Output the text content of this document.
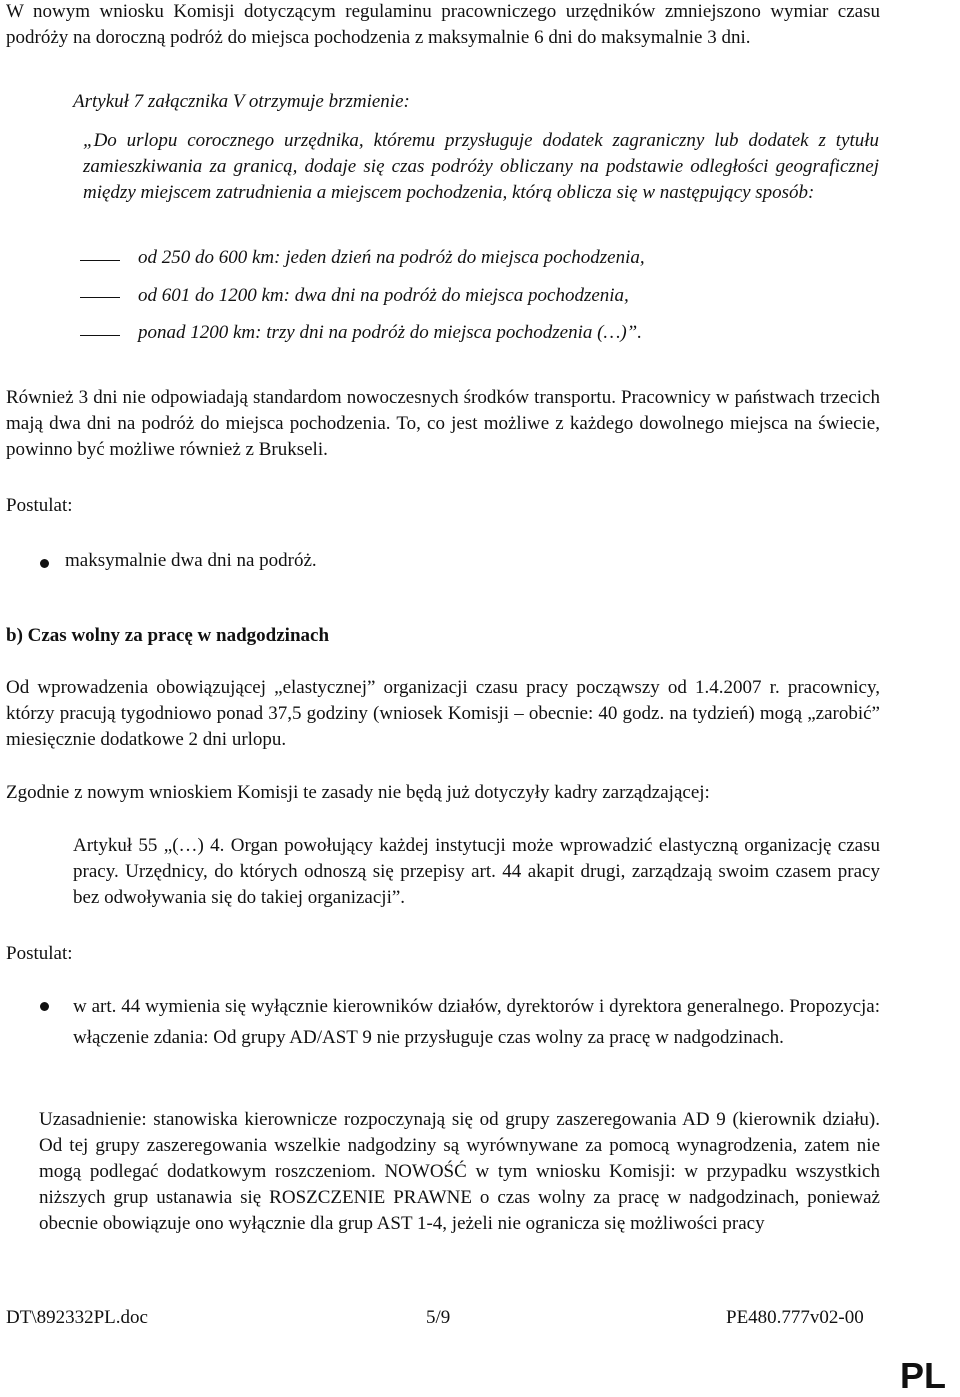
W nowym wniosku Komisji dotyczącym regulaminu pracowniczego urzędników zmniejszono wymiar czasu podróży na doroczną podróż do miejsca pochodzenia z maksymalnie 6 dni do maksymalnie 3 dni.

Artykuł 7 załącznika V otrzymuje brzmienie:

„Do urlopu corocznego urzędnika, któremu przysługuje dodatek zagraniczny lub dodatek z tytułu zamieszkiwania za granicą, dodaje się czas podróży obliczany na podstawie odległości geograficznej między miejscem zatrudnienia a miejscem pochodzenia, którą oblicza się w następujący sposób:

od 250 do 600 km: jeden dzień na podróż do miejsca pochodzenia,
od 601 do 1200 km: dwa dni na podróż do miejsca pochodzenia,
ponad 1200 km: trzy dni na podróż do miejsca pochodzenia (…)”.

Również 3 dni nie odpowiadają standardom nowoczesnych środków transportu. Pracownicy w państwach trzecich mają dwa dni na podróż do miejsca pochodzenia. To, co jest możliwe z każdego dowolnego miejsca na świecie, powinno być możliwe również z Brukseli.

Postulat:

maksymalnie dwa dni na podróż.

b) Czas wolny za pracę w nadgodzinach

Od wprowadzenia obowiązującej „elastycznej” organizacji czasu pracy począwszy od 1.4.2007 r. pracownicy, którzy pracują tygodniowo ponad 37,5 godziny (wniosek Komisji – obecnie: 40 godz. na tydzień) mogą „zarobić” miesięcznie dodatkowe 2 dni urlopu.

Zgodnie z nowym wnioskiem Komisji te zasady nie będą już dotyczyły kadry zarządzającej:

Artykuł 55 „(…) 4. Organ powołujący każdej instytucji może wprowadzić elastyczną organizację czasu pracy. Urzędnicy, do których odnoszą się przepisy art. 44 akapit drugi, zarządzają swoim czasem pracy bez odwoływania się do takiej organizacji”.

Postulat:

w art. 44 wymienia się wyłącznie kierowników działów, dyrektorów i dyrektora generalnego. Propozycja: włączenie zdania: Od grupy AD/AST 9 nie przysługuje czas wolny za pracę w nadgodzinach.

Uzasadnienie: stanowiska kierownicze rozpoczynają się od grupy zaszeregowania AD 9 (kierownik działu). Od tej grupy zaszeregowania wszelkie nadgodziny są wyrównywane za pomocą wynagrodzenia, zatem nie mogą podlegać dodatkowym roszczeniom. NOWOŚĆ w tym wniosku Komisji: w przypadku wszystkich niższych grup ustanawia się ROSZCZENIE PRAWNE o czas wolny za pracę w nadgodzinach, ponieważ obecnie obowiązuje ono wyłącznie dla grup AST 1-4, jeżeli nie ogranicza się możliwości pracy

DT\892332PL.doc	5/9	PE480.777v02-00
PL
